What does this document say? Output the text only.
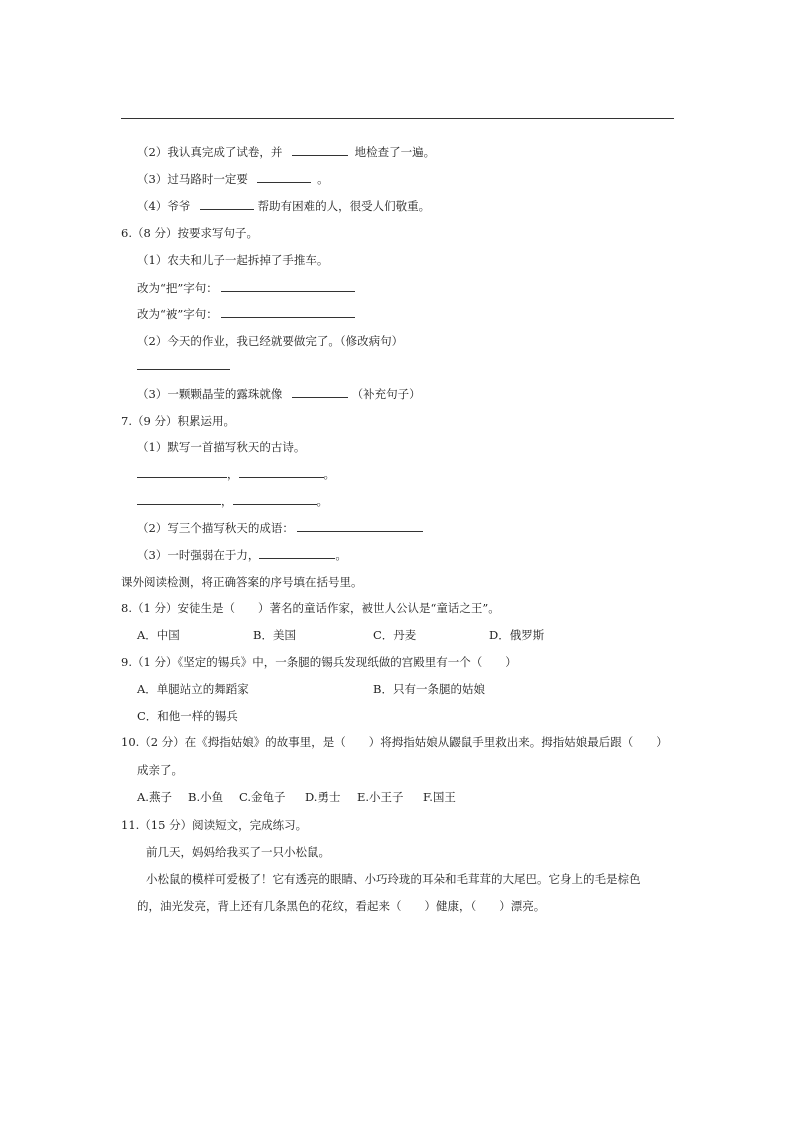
（2）我认真完成了试卷，并	地检查了一遍。
（3）过马路时一定要	。
（4）爷爷	帮助有困难的人，很受人们敬重。
6.（8 分）按要求写句子。
（1）农夫和儿子一起拆掉了手推车。
改为“把”字句：
改为“被”字句：
（2）今天的作业，我已经就要做完了。（修改病句）
（3）一颗颗晶莹的露珠就像	（补充句子）
7.（9 分）积累运用。
（1）默写一首描写秋天的古诗。
，	。
，	。
（2）写三个描写秋天的成语：
（3）一时强弱在于力，	。
课外阅读检测，将正确答案的序号填在括号里。
8.（1 分）安徒生是（　　）著名的童话作家，被世人公认是“童话之王”。
A．中国	B．美国	C．丹麦	D．俄罗斯
9.（1 分）《坚定的锡兵》中，一条腿的锡兵发现纸做的宫殿里有一个（　　）
A．单腿站立的舞蹈家	B．只有一条腿的姑娘
C．和他一样的锡兵
10.（2 分）在《拇指姑娘》的故事里，是（　　）将拇指姑娘从鼹鼠手里救出来。拇指姑娘最后跟（　　）
成亲了。
A.燕子 B.小鱼 C.金龟子 D.勇士 E.小王子 F.国王
11.（15 分）阅读短文，完成练习。
前几天，妈妈给我买了一只小松鼠。
小松鼠的模样可爱极了！它有透亮的眼睛、小巧玲珑的耳朵和毛茸茸的大尾巴。它身上的毛是棕色
的，油光发亮，背上还有几条黑色的花纹，看起来（　　）健康，（　　）漂亮。
